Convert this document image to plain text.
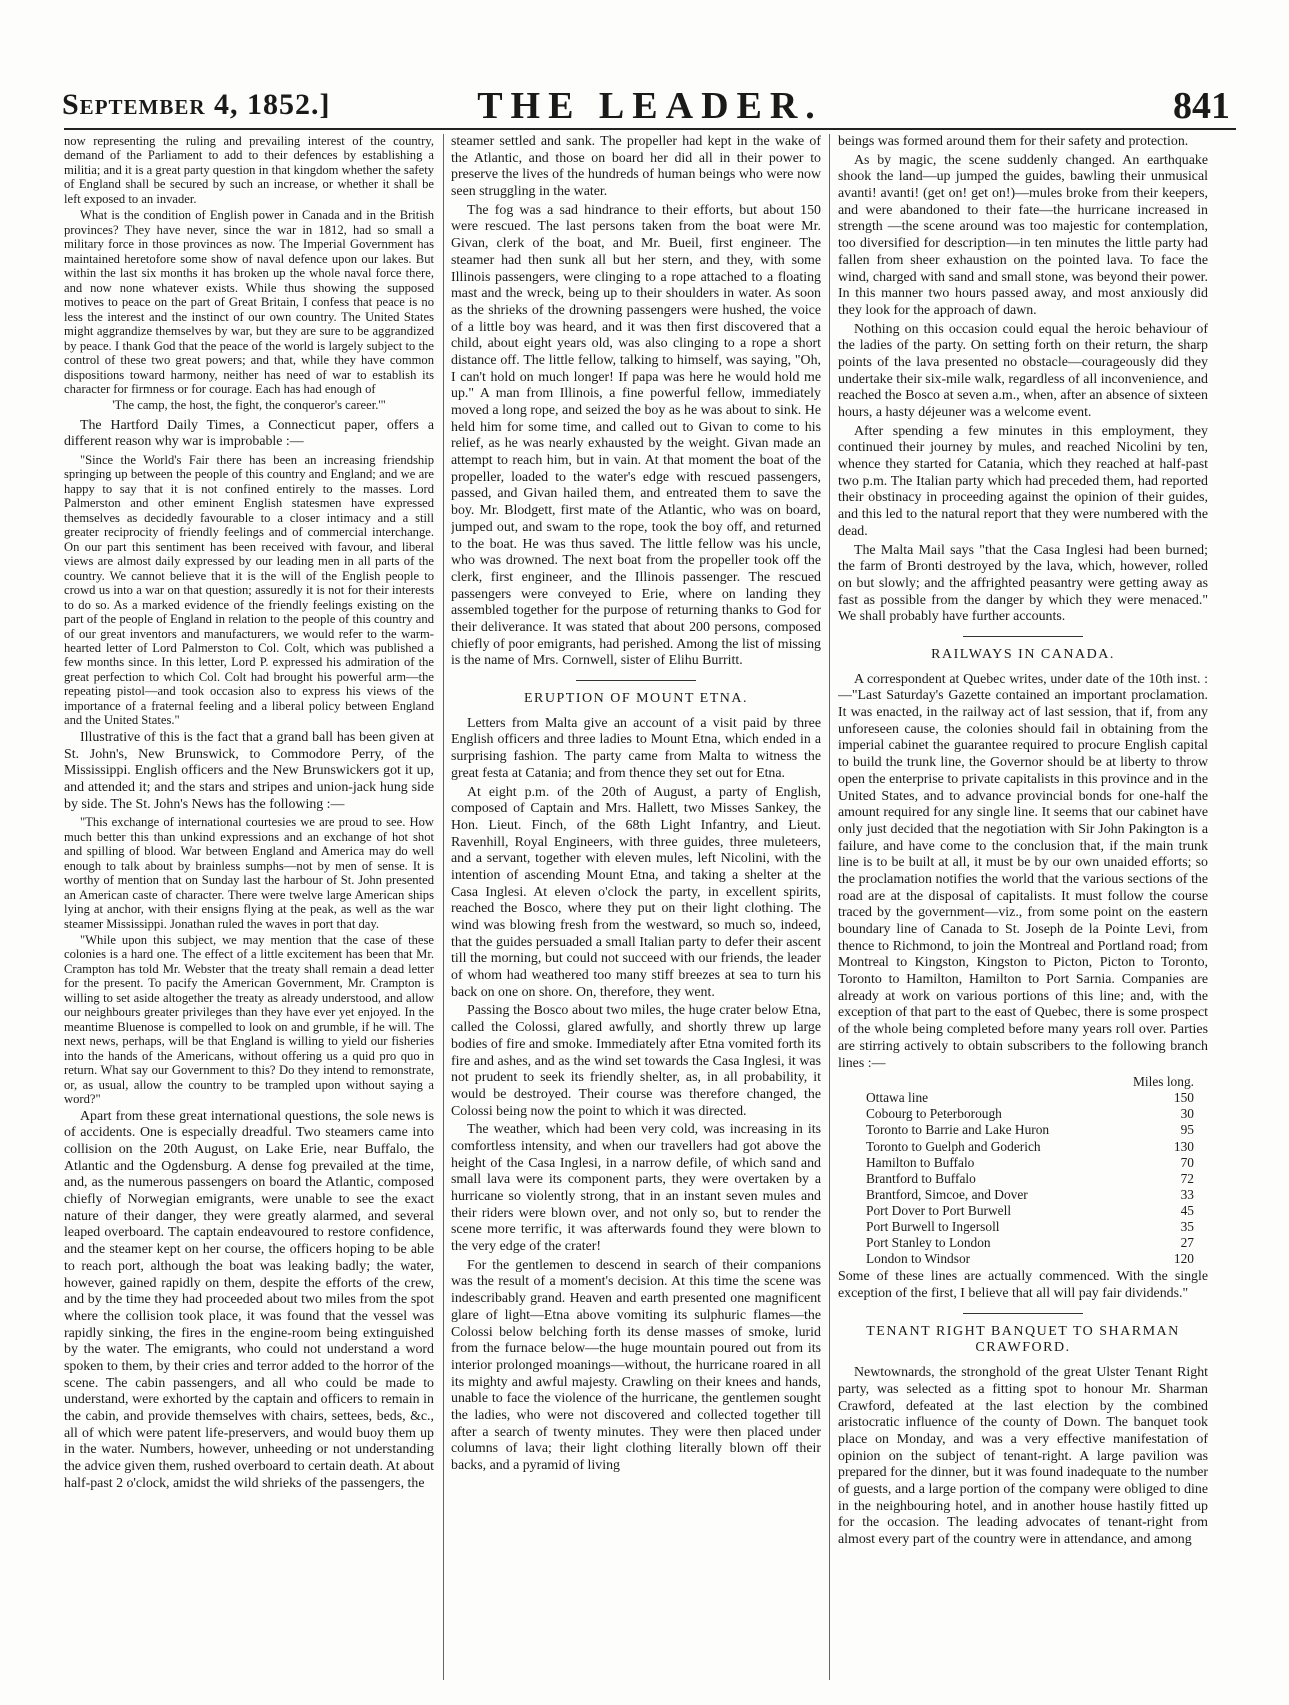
September 4, 1852.]	THE LEADER.	841

now representing the ruling and prevailing interest of the country, demand of the Parliament to add to their defences by establishing a militia; and it is a great party question in that kingdom whether the safety of England shall be secured by such an increase, or whether it shall be left exposed to an invader.

What is the condition of English power in Canada and in the British provinces? They have never, since the war in 1812, had so small a military force in those provinces as now. The Imperial Government has maintained heretofore some show of naval defence upon our lakes. But within the last six months it has broken up the whole naval force there, and now none whatever exists. While thus showing the supposed motives to peace on the part of Great Britain, I confess that peace is no less the interest and the instinct of our own country. The United States might aggrandize themselves by war, but they are sure to be aggrandized by peace. I thank God that the peace of the world is largely subject to the control of these two great powers; and that, while they have common dispositions toward harmony, neither has need of war to establish its character for firmness or for courage. Each has had enough of

'The camp, the host, the fight, the conqueror's career.'"

The Hartford Daily Times, a Connecticut paper, offers a different reason why war is improbable :—

"Since the World's Fair there has been an increasing friendship springing up between the people of this country and England; and we are happy to say that it is not confined entirely to the masses. Lord Palmerston and other eminent English statesmen have expressed themselves as decidedly favourable to a closer intimacy and a still greater reciprocity of friendly feelings and of commercial interchange. On our part this sentiment has been received with favour, and liberal views are almost daily expressed by our leading men in all parts of the country. We cannot believe that it is the will of the English people to crowd us into a war on that question; assuredly it is not for their interests to do so. As a marked evidence of the friendly feelings existing on the part of the people of England in relation to the people of this country and of our great inventors and manufacturers, we would refer to the warm-hearted letter of Lord Palmerston to Col. Colt, which was published a few months since. In this letter, Lord P. expressed his admiration of the great perfection to which Col. Colt had brought his powerful arm—the repeating pistol—and took occasion also to express his views of the importance of a fraternal feeling and a liberal policy between England and the United States."

Illustrative of this is the fact that a grand ball has been given at St. John's, New Brunswick, to Commodore Perry, of the Mississippi. English officers and the New Brunswickers got it up, and attended it; and the stars and stripes and union-jack hung side by side. The St. John's News has the following :—

"This exchange of international courtesies we are proud to see. How much better this than unkind expressions and an exchange of hot shot and spilling of blood. War between England and America may do well enough to talk about by brainless sumphs—not by men of sense. It is worthy of mention that on Sunday last the harbour of St. John presented an American caste of character. There were twelve large American ships lying at anchor, with their ensigns flying at the peak, as well as the war steamer Mississippi. Jonathan ruled the waves in port that day.

"While upon this subject, we may mention that the case of these colonies is a hard one. The effect of a little excitement has been that Mr. Crampton has told Mr. Webster that the treaty shall remain a dead letter for the present. To pacify the American Government, Mr. Crampton is willing to set aside altogether the treaty as already understood, and allow our neighbours greater privileges than they have ever yet enjoyed. In the meantime Bluenose is compelled to look on and grumble, if he will. The next news, perhaps, will be that England is willing to yield our fisheries into the hands of the Americans, without offering us a quid pro quo in return. What say our Government to this? Do they intend to remonstrate, or, as usual, allow the country to be trampled upon without saying a word?"

Apart from these great international questions, the sole news is of accidents. One is especially dreadful. Two steamers came into collision on the 20th August, on Lake Erie, near Buffalo, the Atlantic and the Ogdensburg. A dense fog prevailed at the time, and, as the numerous passengers on board the Atlantic, composed chiefly of Norwegian emigrants, were unable to see the exact nature of their danger, they were greatly alarmed, and several leaped overboard. The captain endeavoured to restore confidence, and the steamer kept on her course, the officers hoping to be able to reach port, although the boat was leaking badly; the water, however, gained rapidly on them, despite the efforts of the crew, and by the time they had proceeded about two miles from the spot where the collision took place, it was found that the vessel was rapidly sinking, the fires in the engine-room being extinguished by the water. The emigrants, who could not understand a word spoken to them, by their cries and terror added to the horror of the scene. The cabin passengers, and all who could be made to understand, were exhorted by the captain and officers to remain in the cabin, and provide themselves with chairs, settees, beds, &c., all of which were patent life-preservers, and would buoy them up in the water. Numbers, however, unheeding or not understanding the advice given them, rushed overboard to certain death. At about half-past 2 o'clock, amidst the wild shrieks of the passengers, the

steamer settled and sank. The propeller had kept in the wake of the Atlantic, and those on board her did all in their power to preserve the lives of the hundreds of human beings who were now seen struggling in the water.

The fog was a sad hindrance to their efforts, but about 150 were rescued. The last persons taken from the boat were Mr. Givan, clerk of the boat, and Mr. Bueil, first engineer. The steamer had then sunk all but her stern, and they, with some Illinois passengers, were clinging to a rope attached to a floating mast and the wreck, being up to their shoulders in water. As soon as the shrieks of the drowning passengers were hushed, the voice of a little boy was heard, and it was then first discovered that a child, about eight years old, was also clinging to a rope a short distance off. The little fellow, talking to himself, was saying, "Oh, I can't hold on much longer! If papa was here he would hold me up." A man from Illinois, a fine powerful fellow, immediately moved a long rope, and seized the boy as he was about to sink. He held him for some time, and called out to Givan to come to his relief, as he was nearly exhausted by the weight. Givan made an attempt to reach him, but in vain. At that moment the boat of the propeller, loaded to the water's edge with rescued passengers, passed, and Givan hailed them, and entreated them to save the boy. Mr. Blodgett, first mate of the Atlantic, who was on board, jumped out, and swam to the rope, took the boy off, and returned to the boat. He was thus saved. The little fellow was his uncle, who was drowned. The next boat from the propeller took off the clerk, first engineer, and the Illinois passenger. The rescued passengers were conveyed to Erie, where on landing they assembled together for the purpose of returning thanks to God for their deliverance. It was stated that about 200 persons, composed chiefly of poor emigrants, had perished. Among the list of missing is the name of Mrs. Cornwell, sister of Elihu Burritt.

ERUPTION OF MOUNT ETNA.

Letters from Malta give an account of a visit paid by three English officers and three ladies to Mount Etna, which ended in a surprising fashion. The party came from Malta to witness the great festa at Catania; and from thence they set out for Etna.

At eight p.m. of the 20th of August, a party of English, composed of Captain and Mrs. Hallett, two Misses Sankey, the Hon. Lieut. Finch, of the 68th Light Infantry, and Lieut. Ravenhill, Royal Engineers, with three guides, three muleteers, and a servant, together with eleven mules, left Nicolini, with the intention of ascending Mount Etna, and taking a shelter at the Casa Inglesi. At eleven o'clock the party, in excellent spirits, reached the Bosco, where they put on their light clothing. The wind was blowing fresh from the westward, so much so, indeed, that the guides persuaded a small Italian party to defer their ascent till the morning, but could not succeed with our friends, the leader of whom had weathered too many stiff breezes at sea to turn his back on one on shore. On, therefore, they went.

Passing the Bosco about two miles, the huge crater below Etna, called the Colossi, glared awfully, and shortly threw up large bodies of fire and smoke. Immediately after Etna vomited forth its fire and ashes, and as the wind set towards the Casa Inglesi, it was not prudent to seek its friendly shelter, as, in all probability, it would be destroyed. Their course was therefore changed, the Colossi being now the point to which it was directed.

The weather, which had been very cold, was increasing in its comfortless intensity, and when our travellers had got above the height of the Casa Inglesi, in a narrow defile, of which sand and small lava were its component parts, they were overtaken by a hurricane so violently strong, that in an instant seven mules and their riders were blown over, and not only so, but to render the scene more terrific, it was afterwards found they were blown to the very edge of the crater!

For the gentlemen to descend in search of their companions was the result of a moment's decision. At this time the scene was indescribably grand. Heaven and earth presented one magnificent glare of light—Etna above vomiting its sulphuric flames—the Colossi below belching forth its dense masses of smoke, lurid from the furnace below—the huge mountain poured out from its interior prolonged moanings—without, the hurricane roared in all its mighty and awful majesty. Crawling on their knees and hands, unable to face the violence of the hurricane, the gentlemen sought the ladies, who were not discovered and collected together till after a search of twenty minutes. They were then placed under columns of lava; their light clothing literally blown off their backs, and a pyramid of living

beings was formed around them for their safety and protection.

As by magic, the scene suddenly changed. An earthquake shook the land—up jumped the guides, bawling their unmusical avanti! avanti! (get on! get on!)—mules broke from their keepers, and were abandoned to their fate—the hurricane increased in strength —the scene around was too majestic for contemplation, too diversified for description—in ten minutes the little party had fallen from sheer exhaustion on the pointed lava. To face the wind, charged with sand and small stone, was beyond their power. In this manner two hours passed away, and most anxiously did they look for the approach of dawn.

Nothing on this occasion could equal the heroic behaviour of the ladies of the party. On setting forth on their return, the sharp points of the lava presented no obstacle—courageously did they undertake their six-mile walk, regardless of all inconvenience, and reached the Bosco at seven a.m., when, after an absence of sixteen hours, a hasty déjeuner was a welcome event.

After spending a few minutes in this employment, they continued their journey by mules, and reached Nicolini by ten, whence they started for Catania, which they reached at half-past two p.m. The Italian party which had preceded them, had reported their obstinacy in proceeding against the opinion of their guides, and this led to the natural report that they were numbered with the dead.

The Malta Mail says "that the Casa Inglesi had been burned; the farm of Bronti destroyed by the lava, which, however, rolled on but slowly; and the affrighted peasantry were getting away as fast as possible from the danger by which they were menaced." We shall probably have further accounts.

RAILWAYS IN CANADA.

A correspondent at Quebec writes, under date of the 10th inst. :—"Last Saturday's Gazette contained an important proclamation. It was enacted, in the railway act of last session, that if, from any unforeseen cause, the colonies should fail in obtaining from the imperial cabinet the guarantee required to procure English capital to build the trunk line, the Governor should be at liberty to throw open the enterprise to private capitalists in this province and in the United States, and to advance provincial bonds for one-half the amount required for any single line. It seems that our cabinet have only just decided that the negotiation with Sir John Pakington is a failure, and have come to the conclusion that, if the main trunk line is to be built at all, it must be by our own unaided efforts; so the proclamation notifies the world that the various sections of the road are at the disposal of capitalists. It must follow the course traced by the government—viz., from some point on the eastern boundary line of Canada to St. Joseph de la Pointe Levi, from thence to Richmond, to join the Montreal and Portland road; from Montreal to Kingston, Kingston to Picton, Picton to Toronto, Toronto to Hamilton, Hamilton to Port Sarnia. Companies are already at work on various portions of this line; and, with the exception of that part to the east of Quebec, there is some prospect of the whole being completed before many years roll over. Parties are stirring actively to obtain subscribers to the following branch lines :—

Miles long.
Ottawa line	150
Cobourg to Peterborough	30
Toronto to Barrie and Lake Huron	95
Toronto to Guelph and Goderich	130
Hamilton to Buffalo	70
Brantford to Buffalo	72
Brantford, Simcoe, and Dover	33
Port Dover to Port Burwell	45
Port Burwell to Ingersoll	35
Port Stanley to London	27
London to Windsor	120

Some of these lines are actually commenced. With the single exception of the first, I believe that all will pay fair dividends."

TENANT RIGHT BANQUET TO SHARMAN CRAWFORD.

Newtownards, the stronghold of the great Ulster Tenant Right party, was selected as a fitting spot to honour Mr. Sharman Crawford, defeated at the last election by the combined aristocratic influence of the county of Down. The banquet took place on Monday, and was a very effective manifestation of opinion on the subject of tenant-right. A large pavilion was prepared for the dinner, but it was found inadequate to the number of guests, and a large portion of the company were obliged to dine in the neighbouring hotel, and in another house hastily fitted up for the occasion. The leading advocates of tenant-right from almost every part of the country were in attendance, and among
